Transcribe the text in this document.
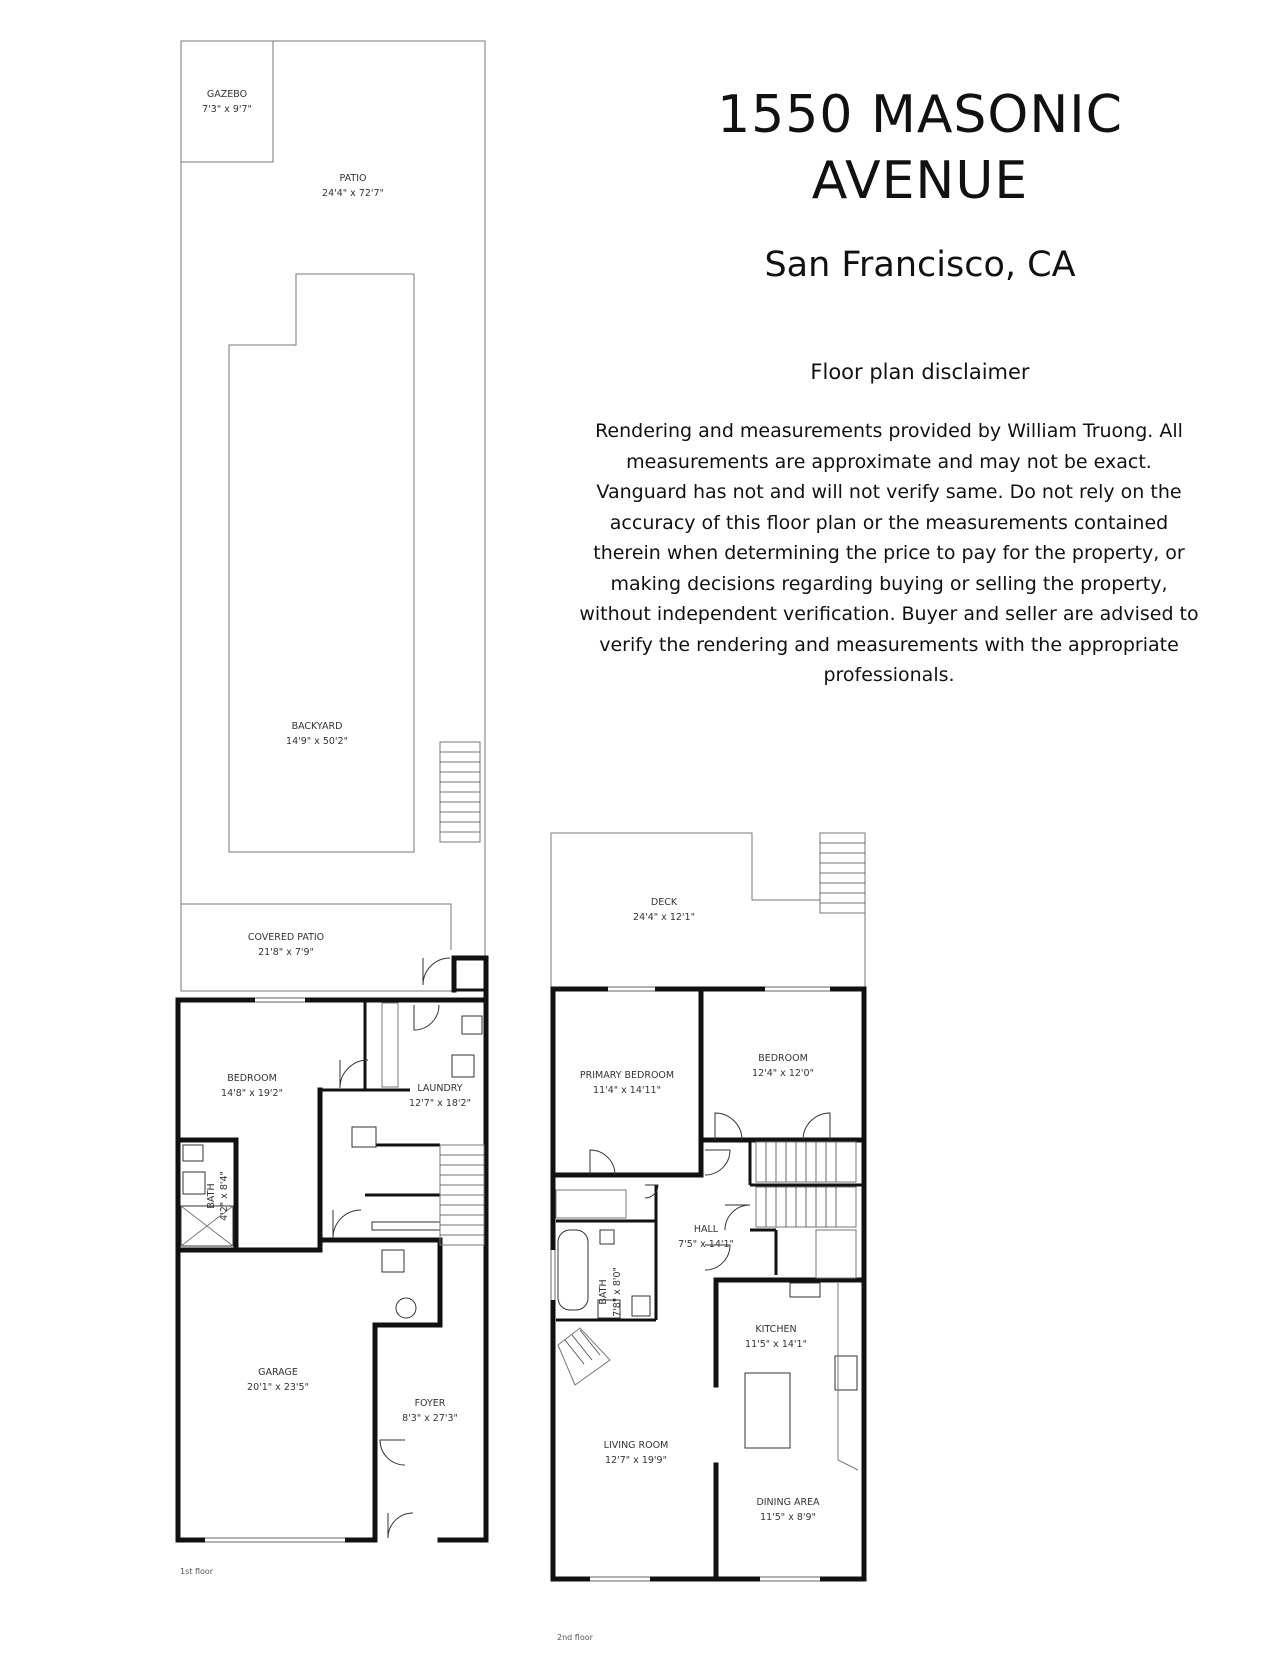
GAZEBO
7'3" x 9'7"
PATIO
24'4" x 72'7"
BACKYARD
14'9" x 50'2"
COVERED PATIO
21'8" x 7'9"
BEDROOM
14'8" x 19'2"	LAUNDRY
12'7" x 18'2"
BATH 4'2" x 8'4"
GARAGE
20'1" x 23'5"
FOYER
8'3" x 27'3"
1st floor
DECK
24'4" x 12'1"
PRIMARY BEDROOM
11'4" x 14'11"
BEDROOM
12'4" x 12'0"
HALL
7'5" x 14'1"
BATH 7'8" x 8'0"
KITCHEN
11'5" x 14'1"
LIVING ROOM
12'7" x 19'9"
DINING AREA
11'5" x 8'9"
2nd floor
1550 MASONIC AVENUE
San Francisco, CA
Floor plan disclaimer
Rendering and measurements provided by William Truong. All measurements are approximate and may not be exact. Vanguard has not and will not verify same. Do not rely on the accuracy of this floor plan or the measurements contained therein when determining the price to pay for the property, or making decisions regarding buying or selling the property, without independent verification. Buyer and seller are advised to verify the rendering and measurements with the appropriate professionals.
